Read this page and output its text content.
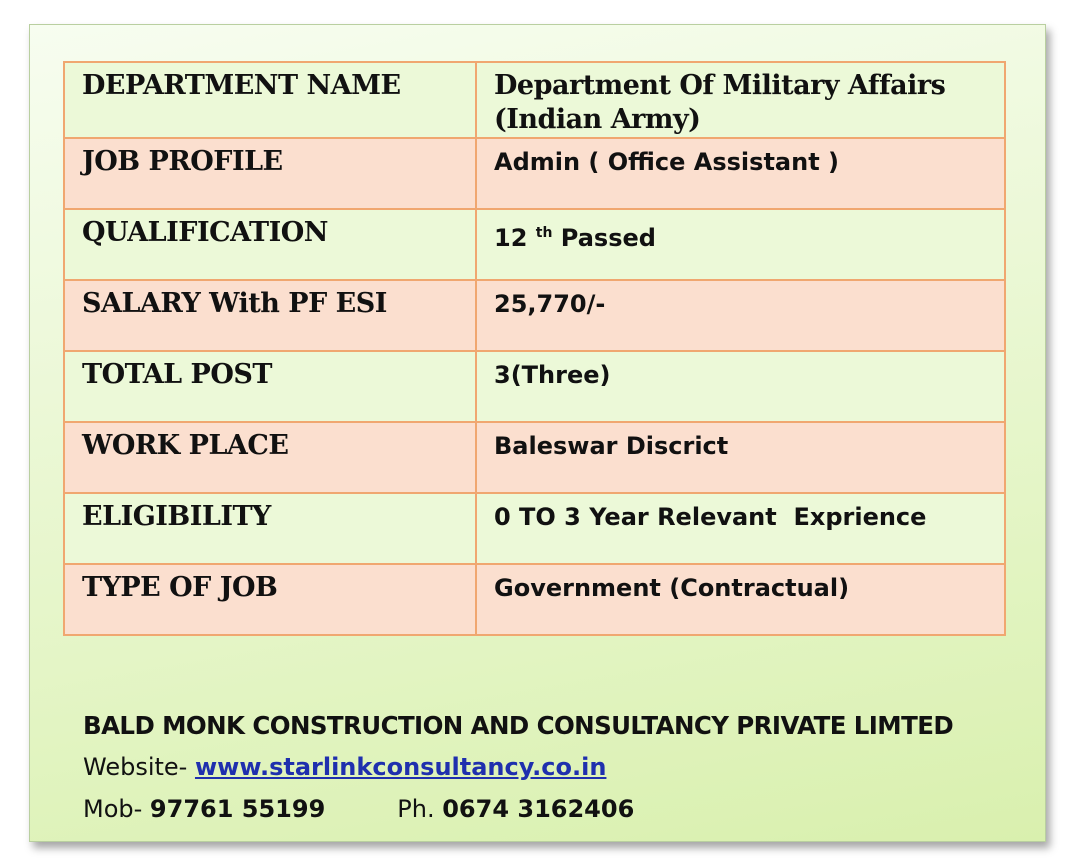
DEPARTMENT NAME	Department Of Military Affairs (Indian Army)
JOB PROFILE	Admin ( Office Assistant )
QUALIFICATION	12 $^{th}$ Passed
SALARY With PF ESI	25,770/-
TOTAL POST	3(Three)
WORK PLACE	Baleswar Discrict
ELIGIBILITY	0 TO 3 Year Relevant  Exprience
TYPE OF JOB	Government (Contractual)
BALD MONK CONSTRUCTION AND CONSULTANCY PRIVATE LIMTED
Website- www.starlinkconsultancy.co.in
Mob- 97761 55199	Ph. 0674 3162406
